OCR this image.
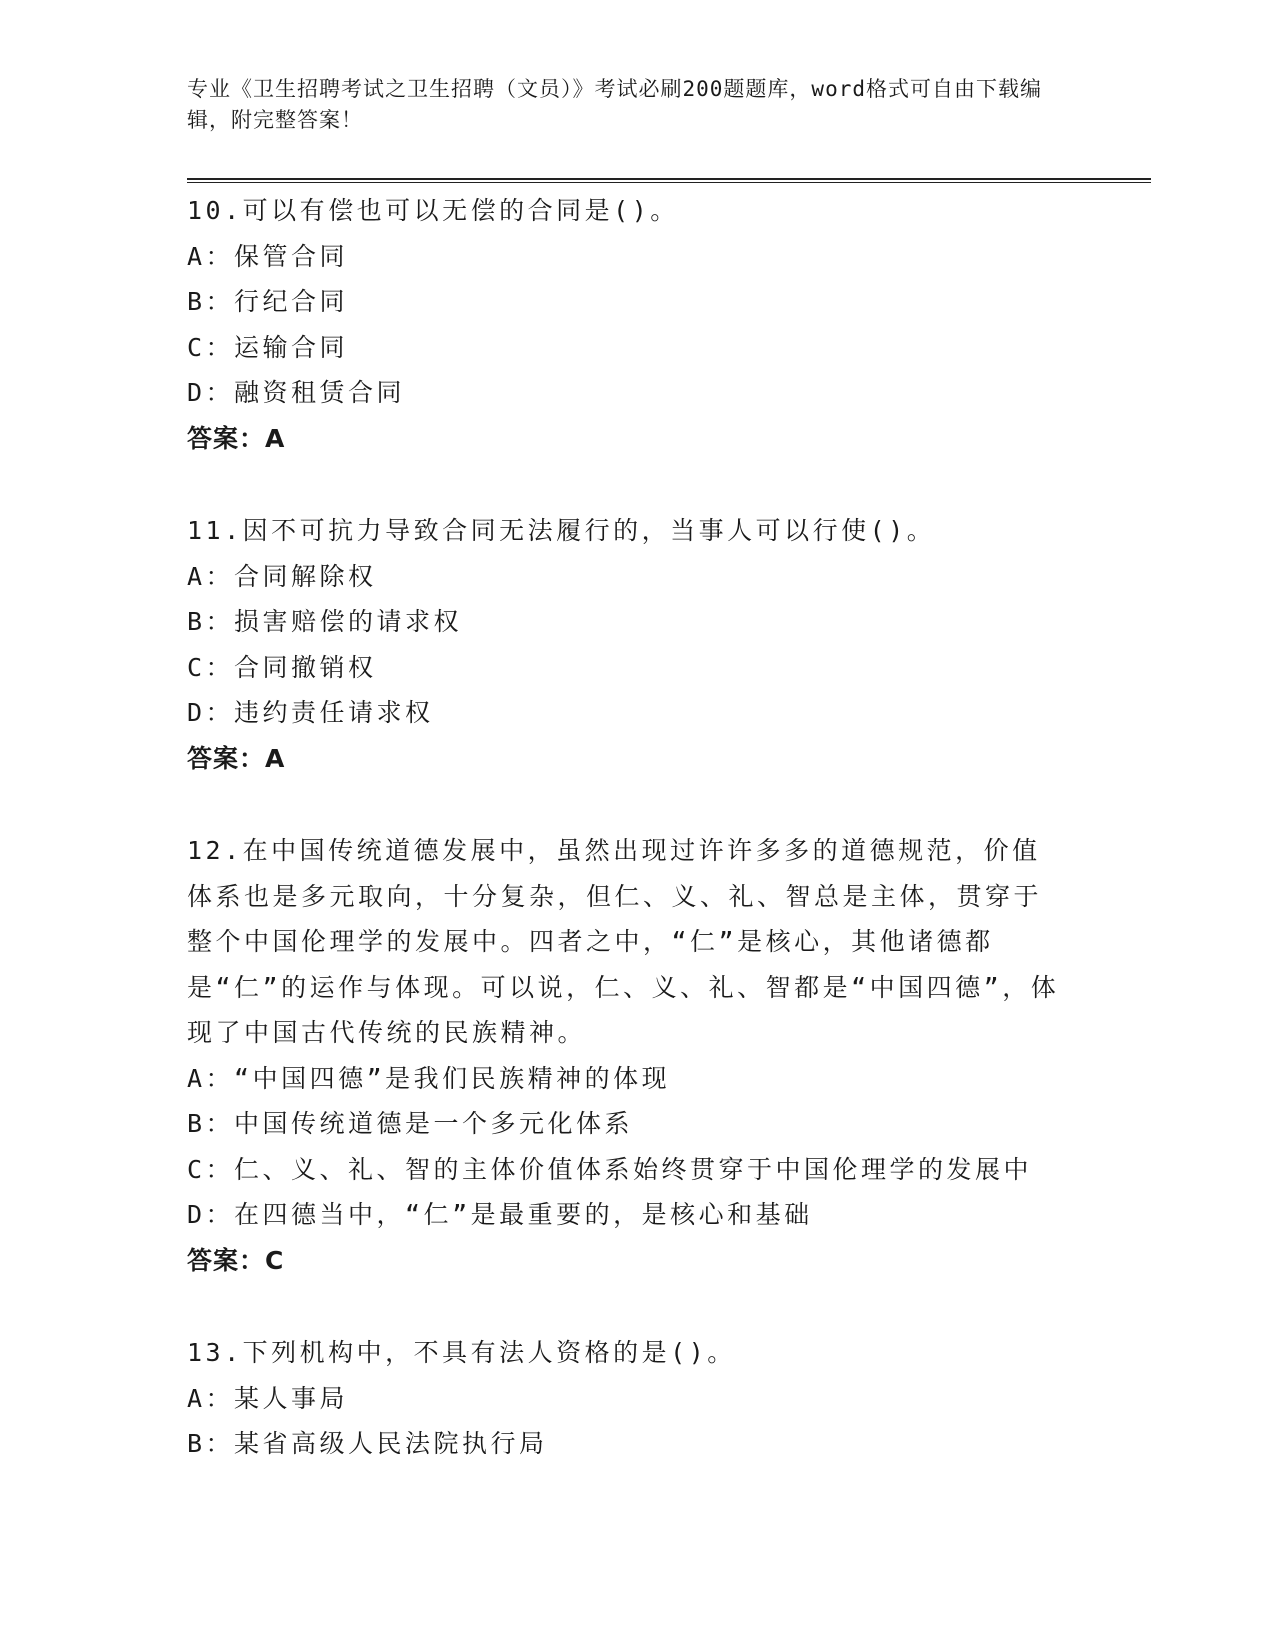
专业《卫生招聘考试之卫生招聘（文员）》考试必刷200题题库，word格式可自由下载编辑，附完整答案！

10.可以有偿也可以无偿的合同是()。

A：保管合同

B：行纪合同

C：运输合同

D：融资租赁合同

答案：A

11.因不可抗力导致合同无法履行的，当事人可以行使()。

A：合同解除权

B：损害赔偿的请求权

C：合同撤销权

D：违约责任请求权

答案：A

12.在中国传统道德发展中，虽然出现过许许多多的道德规范，价值体系也是多元取向，十分复杂，但仁、义、礼、智总是主体，贯穿于整个中国伦理学的发展中。四者之中，“仁”是核心，其他诸德都是“仁”的运作与体现。可以说，仁、义、礼、智都是“中国四德”，体现了中国古代传统的民族精神。

A：“中国四德”是我们民族精神的体现

B：中国传统道德是一个多元化体系

C：仁、义、礼、智的主体价值体系始终贯穿于中国伦理学的发展中

D：在四德当中，“仁”是最重要的，是核心和基础

答案：C

13.下列机构中，不具有法人资格的是()。

A：某人事局

B：某省高级人民法院执行局
